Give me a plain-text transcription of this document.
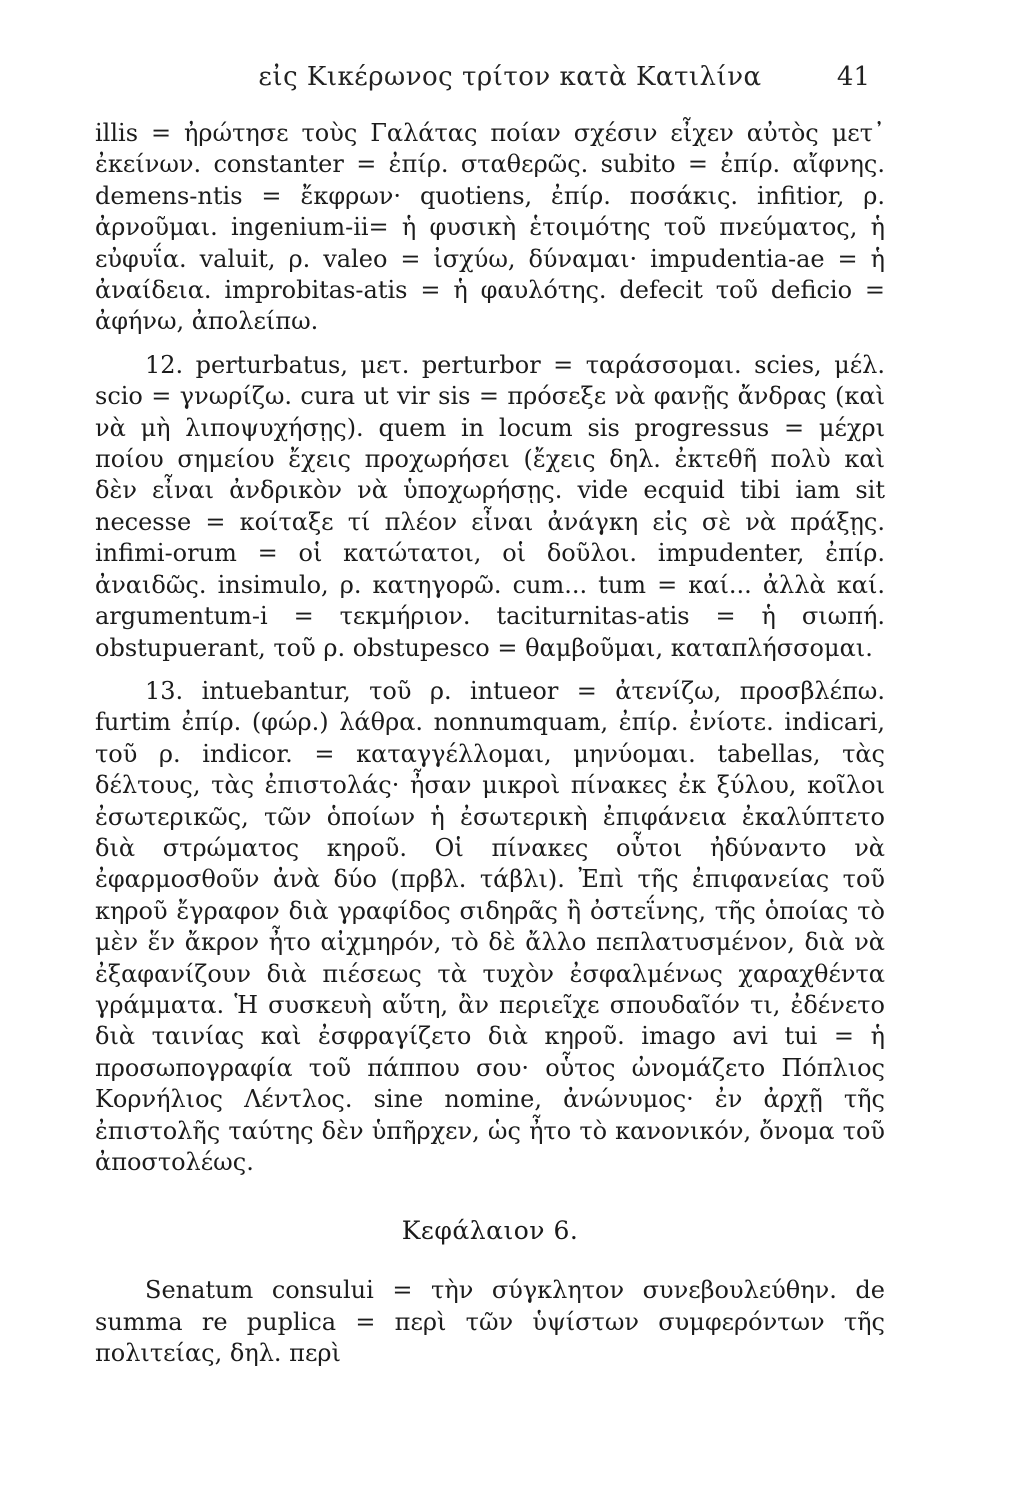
εἰς Κικέρωνος τρίτον κατὰ Κατιλίνα	41

illis = ἠρώτησε τοὺς Γαλάτας ποίαν σχέσιν εἶχεν αὐτὸς μετ᾽ ἐκείνων. constanter = ἐπίρ. σταθερῶς. subito = ἐπίρ. αἴφνης. demens-ntis = ἔκφρων· quotiens, ἐπίρ. ποσάκις. infitior, ρ. ἀρνοῦμαι. ingenium-ii= ἡ φυσικὴ ἑτοιμότης τοῦ πνεύματος, ἡ εὐφυΐα. valuit, ρ. valeo = ἰσχύω, δύναμαι· impudentia-ae = ἡ ἀναίδεια. improbitas-atis = ἡ φαυλότης. defecit τοῦ deficio = ἀφήνω, ἀπολείπω.

12. perturbatus, μετ. perturbor = ταράσσομαι. scies, μέλ. scio = γνωρίζω. cura ut vir sis = πρόσεξε νὰ φανῇς ἄνδρας (καὶ νὰ μὴ λιποψυχήσῃς). quem in locum sis progressus = μέχρι ποίου σημείου ἔχεις προχωρήσει (ἔχεις δηλ. ἐκτεθῆ πολὺ καὶ δὲν εἶναι ἀνδρικὸν νὰ ὑποχωρήσῃς. vide ecquid tibi iam sit necesse = κοίταξε τί πλέον εἶναι ἀνάγκη εἰς σὲ νὰ πράξῃς. infimi-orum = οἱ κατώτατοι, οἱ δοῦλοι. impudenter, ἐπίρ. ἀναιδῶς. insimulo, ρ. κατηγορῶ. cum... tum = καί... ἀλλὰ καί. argumentum-i = τεκμήριον. taciturnitas-atis = ἡ σιωπή. obstupuerant, τοῦ ρ. obstupesco = θαμβοῦμαι, καταπλήσσομαι.

13. intuebantur, τοῦ ρ. intueor = ἀτενίζω, προσβλέπω. furtim ἐπίρ. (φώρ.) λάθρα. nonnumquam, ἐπίρ. ἐνίοτε. indicari, τοῦ ρ. indicor. = καταγγέλλομαι, μηνύομαι. tabellas, τὰς δέλτους, τὰς ἐπιστολάς· ἦσαν μικροὶ πίνακες ἐκ ξύλου, κοῖλοι ἐσωτερικῶς, τῶν ὁποίων ἡ ἐσωτερικὴ ἐπιφάνεια ἐκαλύπτετο διὰ στρώματος κηροῦ. Οἱ πίνακες οὗτοι ἠδύναντο νὰ ἐφαρμοσθοῦν ἀνὰ δύο (πρβλ. τάβλι). Ἐπὶ τῆς ἐπιφανείας τοῦ κηροῦ ἔγραφον διὰ γραφίδος σιδηρᾶς ἢ ὀστεΐνης, τῆς ὁποίας τὸ μὲν ἕν ἄκρον ἦτο αἰχμηρόν, τὸ δὲ ἄλλο πεπλατυσμένον, διὰ νὰ ἐξαφανίζουν διὰ πιέσεως τὰ τυχὸν ἐσφαλμένως χαραχθέντα γράμματα. Ἡ συσκευὴ αὕτη, ἂν περιεῖχε σπουδαῖόν τι, ἐδένετο διὰ ταινίας καὶ ἐσφραγίζετο διὰ κηροῦ. imago avi tui = ἡ προσωπογραφία τοῦ πάππου σου· οὗτος ὠνομάζετο Πόπλιος Κορνήλιος Λέντλος. sine nomine, ἀνώνυμος· ἐν ἀρχῇ τῆς ἐπιστολῆς ταύτης δὲν ὑπῆρχεν, ὡς ἦτο τὸ κανονικόν, ὄνομα τοῦ ἀποστολέως.

Κεφάλαιον 6.

Senatum consului = τὴν σύγκλητον συνεβουλεύθην. de summa re puplica = περὶ τῶν ὑψίστων συμφερόντων τῆς πολιτείας, δηλ. περὶ
